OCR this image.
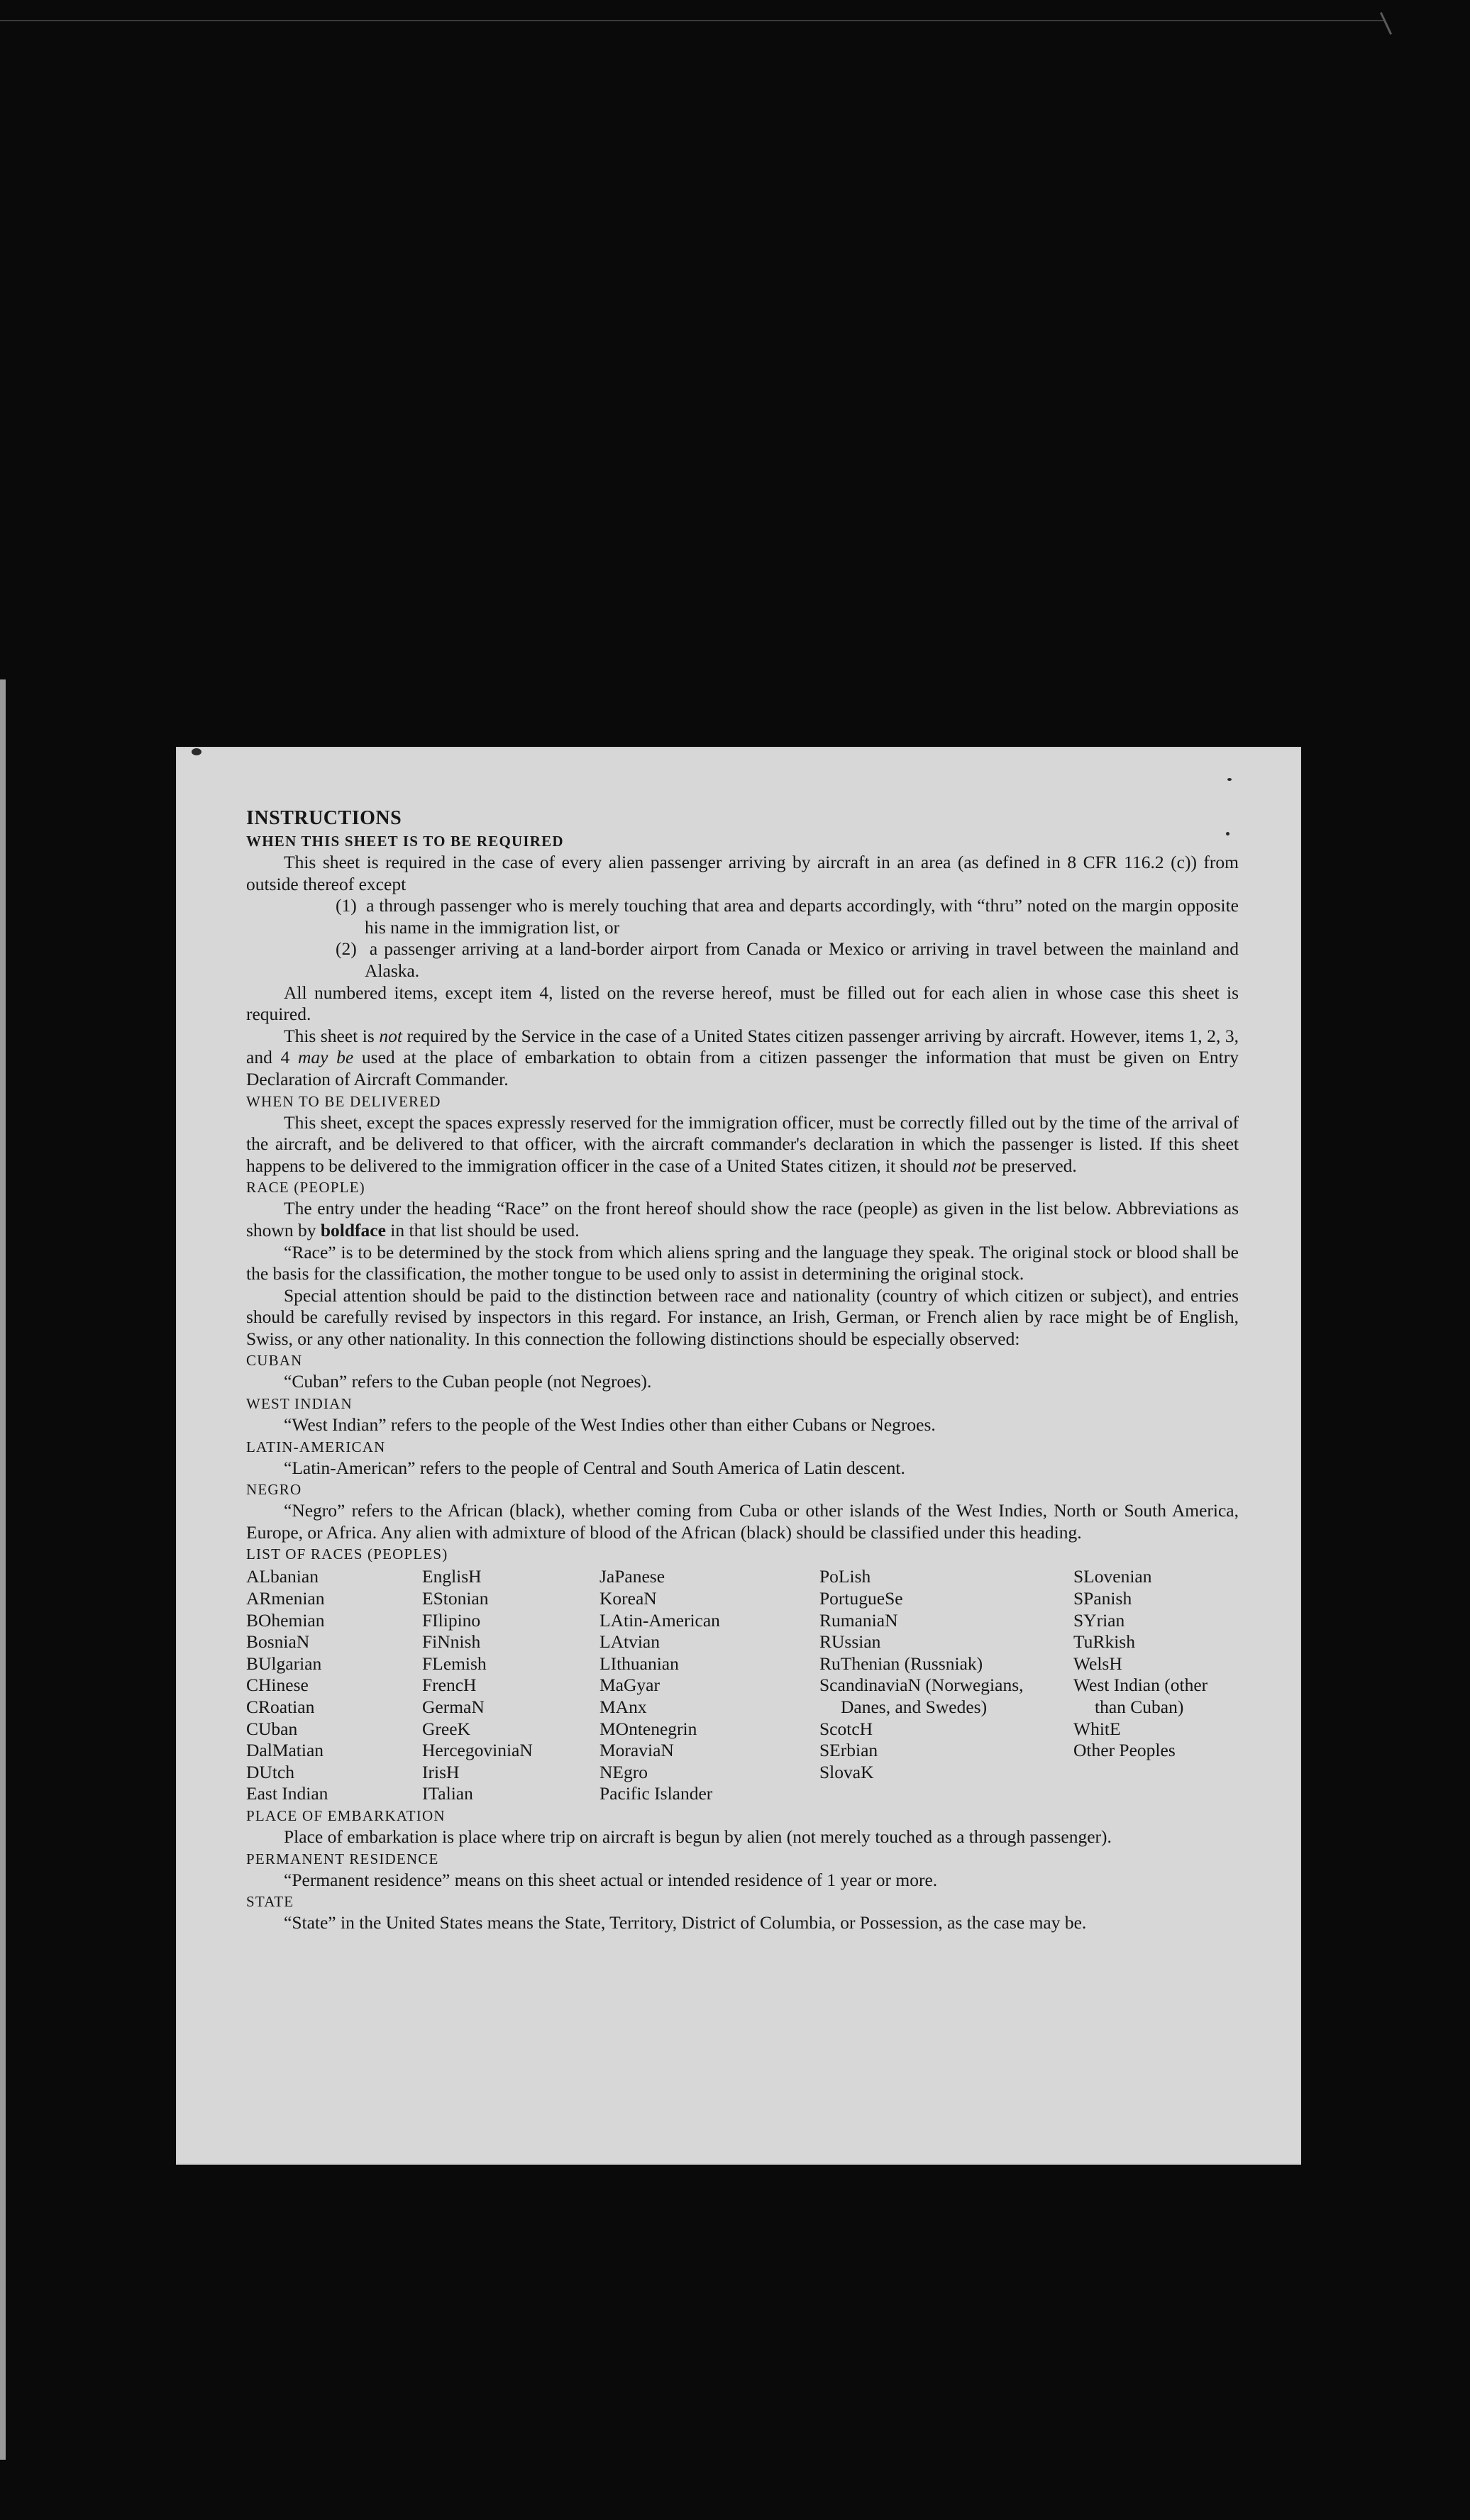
INSTRUCTIONS

WHEN THIS SHEET IS TO BE REQUIRED

This sheet is required in the case of every alien passenger arriving by aircraft in an area (as defined in 8 CFR 116.2 (c)) from outside thereof except

(1) a through passenger who is merely touching that area and departs accordingly, with “thru” noted on the margin opposite his name in the immigration list, or

(2) a passenger arriving at a land-border airport from Canada or Mexico or arriving in travel between the mainland and Alaska.

All numbered items, except item 4, listed on the reverse hereof, must be filled out for each alien in whose case this sheet is required.

This sheet is not required by the Service in the case of a United States citizen passenger arriving by aircraft. However, items 1, 2, 3, and 4 may be used at the place of embarkation to obtain from a citizen passenger the information that must be given on Entry Declaration of Aircraft Commander.

WHEN TO BE DELIVERED

This sheet, except the spaces expressly reserved for the immigration officer, must be correctly filled out by the time of the arrival of the aircraft, and be delivered to that officer, with the aircraft commander's declaration in which the passenger is listed. If this sheet happens to be delivered to the immigration officer in the case of a United States citizen, it should not be preserved.

RACE (PEOPLE)

The entry under the heading “Race” on the front hereof should show the race (people) as given in the list below. Abbreviations as shown by boldface in that list should be used.

“Race” is to be determined by the stock from which aliens spring and the language they speak. The original stock or blood shall be the basis for the classification, the mother tongue to be used only to assist in determining the original stock.

Special attention should be paid to the distinction between race and nationality (country of which citizen or subject), and entries should be carefully revised by inspectors in this regard. For instance, an Irish, German, or French alien by race might be of English, Swiss, or any other nationality. In this connection the following distinctions should be especially observed:

CUBAN

“Cuban” refers to the Cuban people (not Negroes).

WEST INDIAN

“West Indian” refers to the people of the West Indies other than either Cubans or Negroes.

LATIN-AMERICAN

“Latin-American” refers to the people of Central and South America of Latin descent.

NEGRO

“Negro” refers to the African (black), whether coming from Cuba or other islands of the West Indies, North or South America, Europe, or Africa. Any alien with admixture of blood of the African (black) should be classified under this heading.

LIST OF RACES (PEOPLES)

ALbanian
ARmenian
BOhemian
BosniaN
BUlgarian
CHinese
CRoatian
CUban
DalMatian
DUtch
East Indian
EnglisH
EStonian
FIlipino
FiNnish
FLemish
FrencH
GermaN
GreeK
HercegoviniaN
IrisH
ITalian
JaPanese
KoreaN
LAtin-American
LAtvian
LIthuanian
MaGyar
MAnx
MOntenegrin
MoraviaN
NEgro
Pacific Islander
PoLish
PortugueSe
RumaniaN
RUssian
RuThenian (Russniak)
ScandinaviaN (Norwegians, Danes, and Swedes)
ScotcH
SErbian
SlovaK
SLovenian
SPanish
SYrian
TuRkish
WelsH
West Indian (other than Cuban)
WhitE
Other Peoples

PLACE OF EMBARKATION

Place of embarkation is place where trip on aircraft is begun by alien (not merely touched as a through passenger).

PERMANENT RESIDENCE

“Permanent residence” means on this sheet actual or intended residence of 1 year or more.

STATE

“State” in the United States means the State, Territory, District of Columbia, or Possession, as the case may be.
